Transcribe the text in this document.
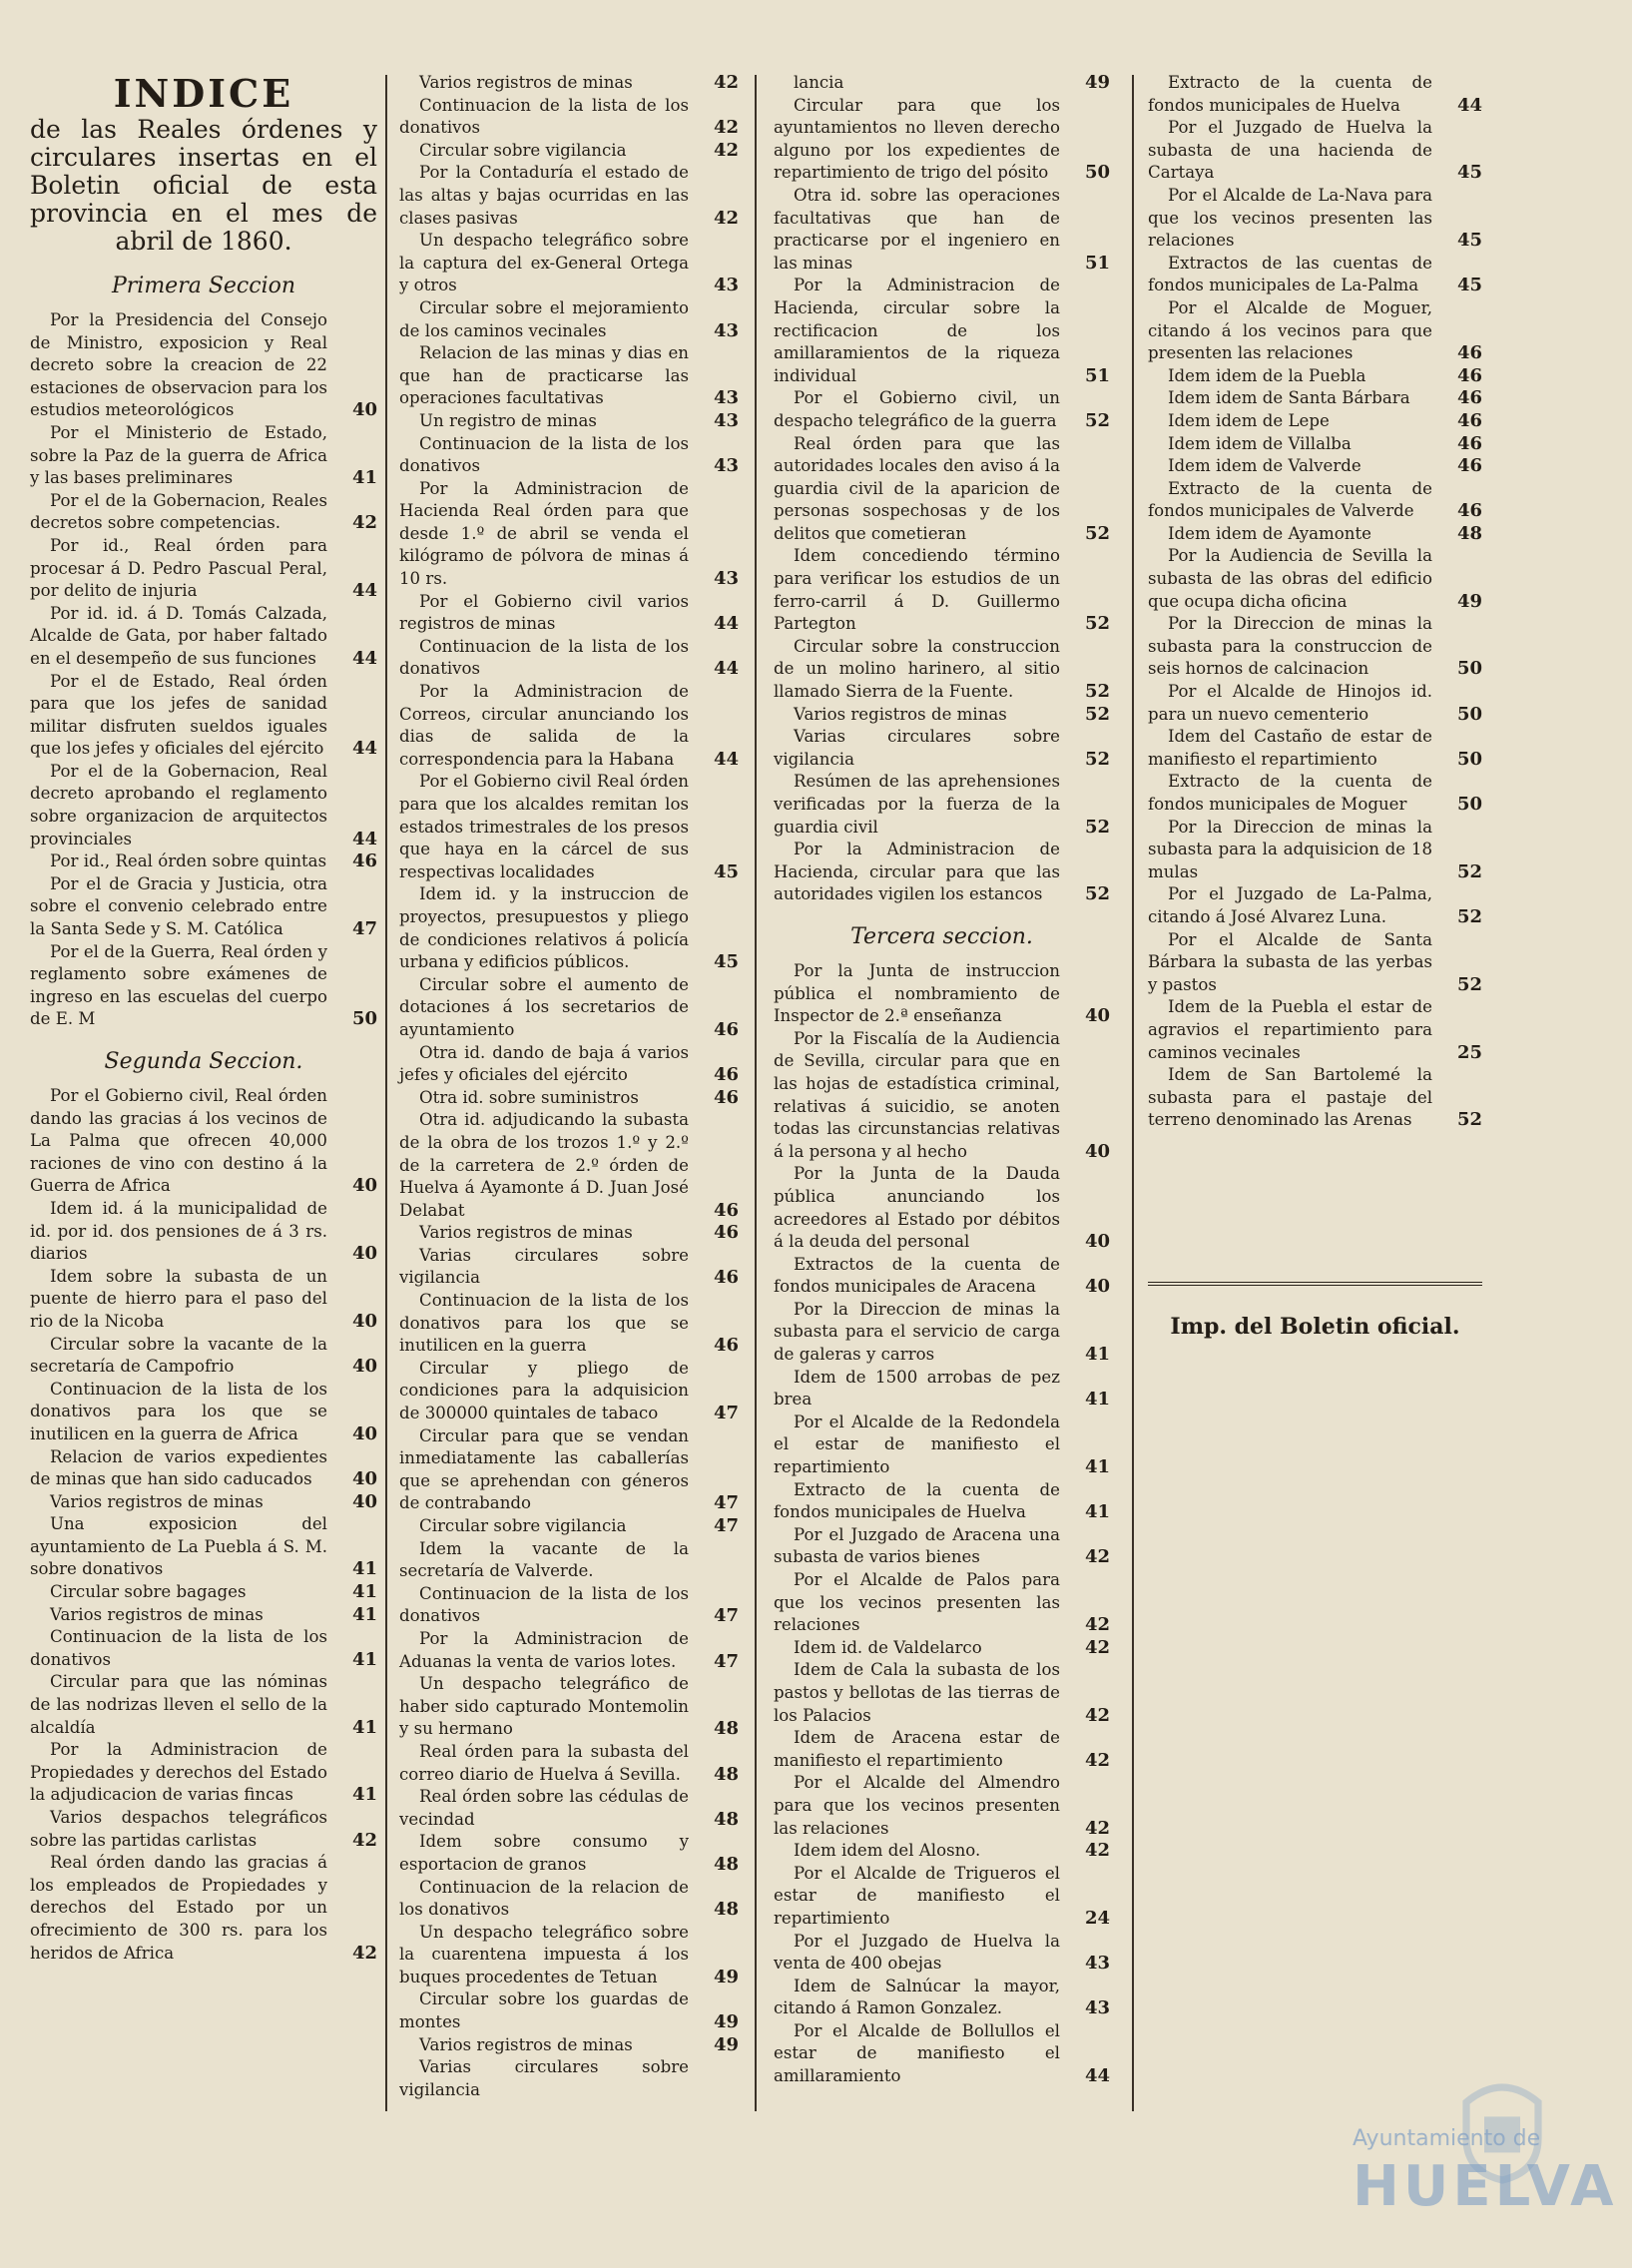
INDICE
de las Reales órdenes y circulares insertas en el Boletin oficial de esta provincia en el mes de abril de 1860.
Primera Seccion
Por la Presidencia del Consejo de Ministro, exposicion y Real decreto sobre la creacion de 22 estaciones de observacion para los estudios meteorológicos	40
Por el Ministerio de Estado, sobre la Paz de la guerra de Africa y las bases preliminares	41
Por el de la Gobernacion, Reales decretos sobre competencias.	42
Por id., Real órden para procesar á D. Pedro Pascual Peral, por delito de injuria	44
Por id. id. á D. Tomás Calzada, Alcalde de Gata, por haber faltado en el desempeño de sus funciones	44
Por el de Estado, Real órden para que los jefes de sanidad militar disfruten sueldos iguales que los jefes y oficiales del ejército	44
Por el de la Gobernacion, Real decreto aprobando el reglamento sobre organizacion de arquitectos provinciales	44
Por id., Real órden sobre quintas	46
Por el de Gracia y Justicia, otra sobre el convenio celebrado entre la Santa Sede y S. M. Católica	47
Por el de la Guerra, Real órden y reglamento sobre exámenes de ingreso en las escuelas del cuerpo de E. M	50
Segunda Seccion.
Por el Gobierno civil, Real órden dando las gracias á los vecinos de La Palma que ofrecen 40,000 raciones de vino con destino á la Guerra de Africa	40
Idem id. á la municipalidad de id. por id. dos pensiones de á 3 rs. diarios	40
Idem sobre la subasta de un puente de hierro para el paso del rio de la Nicoba	40
Circular sobre la vacante de la secretaría de Campofrio	40
Continuacion de la lista de los donativos para los que se inutilicen en la guerra de Africa	40
Relacion de varios expedientes de minas que han sido caducados	40
Varios registros de minas	40
Una exposicion del ayuntamiento de La Puebla á S. M. sobre donativos	41
Circular sobre bagages	41
Varios registros de minas	41
Continuacion de la lista de los donativos	41
Circular para que las nóminas de las nodrizas lleven el sello de la alcaldía	41
Por la Administracion de Propiedades y derechos del Estado la adjudicacion de varias fincas	41
Varios despachos telegráficos sobre las partidas carlistas	42
Real órden dando las gracias á los empleados de Propiedades y derechos del Estado por un ofrecimiento de 300 rs. para los heridos de Africa	42
Varios registros de minas	42
Continuacion de la lista de los donativos	42
Circular sobre vigilancia	42
Por la Contaduría el estado de las altas y bajas ocurridas en las clases pasivas	42
Un despacho telegráfico sobre la captura del ex-General Ortega y otros	43
Circular sobre el mejoramiento de los caminos vecinales	43
Relacion de las minas y dias en que han de practicarse las operaciones facultativas	43
Un registro de minas	43
Continuacion de la lista de los donativos	43
Por la Administracion de Hacienda Real órden para que desde 1.º de abril se venda el kilógramo de pólvora de minas á 10 rs.	43
Por el Gobierno civil varios registros de minas	44
Continuacion de la lista de los donativos	44
Por la Administracion de Correos, circular anunciando los dias de salida de la correspondencia para la Habana	44
Por el Gobierno civil Real órden para que los alcaldes remitan los estados trimestrales de los presos que haya en la cárcel de sus respectivas localidades	45
Idem id. y la instruccion de proyectos, presupuestos y pliego de condiciones relativos á policía urbana y edificios públicos.	45
Circular sobre el aumento de dotaciones á los secretarios de ayuntamiento	46
Otra id. dando de baja á varios jefes y oficiales del ejército	46
Otra id. sobre suministros	46
Otra id. adjudicando la subasta de la obra de los trozos 1.º y 2.º de la carretera de 2.º órden de Huelva á Ayamonte á D. Juan José Delabat	46
Varios registros de minas	46
Varias circulares sobre vigilancia	46
Continuacion de la lista de los donativos para los que se inutilicen en la guerra	46
Circular y pliego de condiciones para la adquisicion de 300000 quintales de tabaco	47
Circular para que se vendan inmediatamente las caballerías que se aprehendan con géneros de contrabando	47
Circular sobre vigilancia	47
Idem la vacante de la secretaría de Valverde.
Continuacion de la lista de los donativos	47
Por la Administracion de Aduanas la venta de varios lotes.	47
Un despacho telegráfico de haber sido capturado Montemolin y su hermano	48
Real órden para la subasta del correo diario de Huelva á Sevilla.	48
Real órden sobre las cédulas de vecindad	48
Idem sobre consumo y esportacion de granos	48
Continuacion de la relacion de los donativos	48
Un despacho telegráfico sobre la cuarentena impuesta á los buques procedentes de Tetuan	49
Circular sobre los guardas de montes	49
Varios registros de minas	49
Varias circulares sobre vigilancia
lancia	49
Circular para que los ayuntamientos no lleven derecho alguno por los expedientes de repartimiento de trigo del pósito	50
Otra id. sobre las operaciones facultativas que han de practicarse por el ingeniero en las minas	51
Por la Administracion de Hacienda, circular sobre la rectificacion de los amillaramientos de la riqueza individual	51
Por el Gobierno civil, un despacho telegráfico de la guerra	52
Real órden para que las autoridades locales den aviso á la guardia civil de la aparicion de personas sospechosas y de los delitos que cometieran	52
Idem concediendo término para verificar los estudios de un ferro-carril á D. Guillermo Partegton	52
Circular sobre la construccion de un molino harinero, al sitio llamado Sierra de la Fuente.	52
Varios registros de minas	52
Varias circulares sobre vigilancia	52
Resúmen de las aprehensiones verificadas por la fuerza de la guardia civil	52
Por la Administracion de Hacienda, circular para que las autoridades vigilen los estancos	52
Tercera seccion.
Por la Junta de instruccion pública el nombramiento de Inspector de 2.ª enseñanza	40
Por la Fiscalía de la Audiencia de Sevilla, circular para que en las hojas de estadística criminal, relativas á suicidio, se anoten todas las circunstancias relativas á la persona y al hecho	40
Por la Junta de la Dauda pública anunciando los acreedores al Estado por débitos á la deuda del personal	40
Extractos de la cuenta de fondos municipales de Aracena	40
Por la Direccion de minas la subasta para el servicio de carga de galeras y carros	41
Idem de 1500 arrobas de pez brea	41
Por el Alcalde de la Redondela el estar de manifiesto el repartimiento	41
Extracto de la cuenta de fondos municipales de Huelva	41
Por el Juzgado de Aracena una subasta de varios bienes	42
Por el Alcalde de Palos para que los vecinos presenten las relaciones	42
Idem id. de Valdelarco	42
Idem de Cala la subasta de los pastos y bellotas de las tierras de los Palacios	42
Idem de Aracena estar de manifiesto el repartimiento	42
Por el Alcalde del Almendro para que los vecinos presenten las relaciones	42
Idem idem del Alosno.	42
Por el Alcalde de Trigueros el estar de manifiesto el repartimiento	24
Por el Juzgado de Huelva la venta de 400 obejas	43
Idem de Salnúcar la mayor, citando á Ramon Gonzalez.	43
Por el Alcalde de Bollullos el estar de manifiesto el amillaramiento	44
Extracto de la cuenta de fondos municipales de Huelva	44
Por el Juzgado de Huelva la subasta de una hacienda de Cartaya	45
Por el Alcalde de La-Nava para que los vecinos presenten las relaciones	45
Extractos de las cuentas de fondos municipales de La-Palma	45
Por el Alcalde de Moguer, citando á los vecinos para que presenten las relaciones	46
Idem idem de la Puebla	46
Idem idem de Santa Bárbara	46
Idem idem de Lepe	46
Idem idem de Villalba	46
Idem idem de Valverde	46
Extracto de la cuenta de fondos municipales de Valverde	46
Idem idem de Ayamonte	48
Por la Audiencia de Sevilla la subasta de las obras del edificio que ocupa dicha oficina	49
Por la Direccion de minas la subasta para la construccion de seis hornos de calcinacion	50
Por el Alcalde de Hinojos id. para un nuevo cementerio	50
Idem del Castaño de estar de manifiesto el repartimiento	50
Extracto de la cuenta de fondos municipales de Moguer	50
Por la Direccion de minas la subasta para la adquisicion de 18 mulas	52
Por el Juzgado de La-Palma, citando á José Alvarez Luna.	52
Por el Alcalde de Santa Bárbara la subasta de las yerbas y pastos	52
Idem de la Puebla el estar de agravios el repartimiento para caminos vecinales	25
Idem de San Bartolemé la subasta para el pastaje del terreno denominado las Arenas	52
Imp. del Boletin oficial.
Ayuntamiento de
HUELVA
